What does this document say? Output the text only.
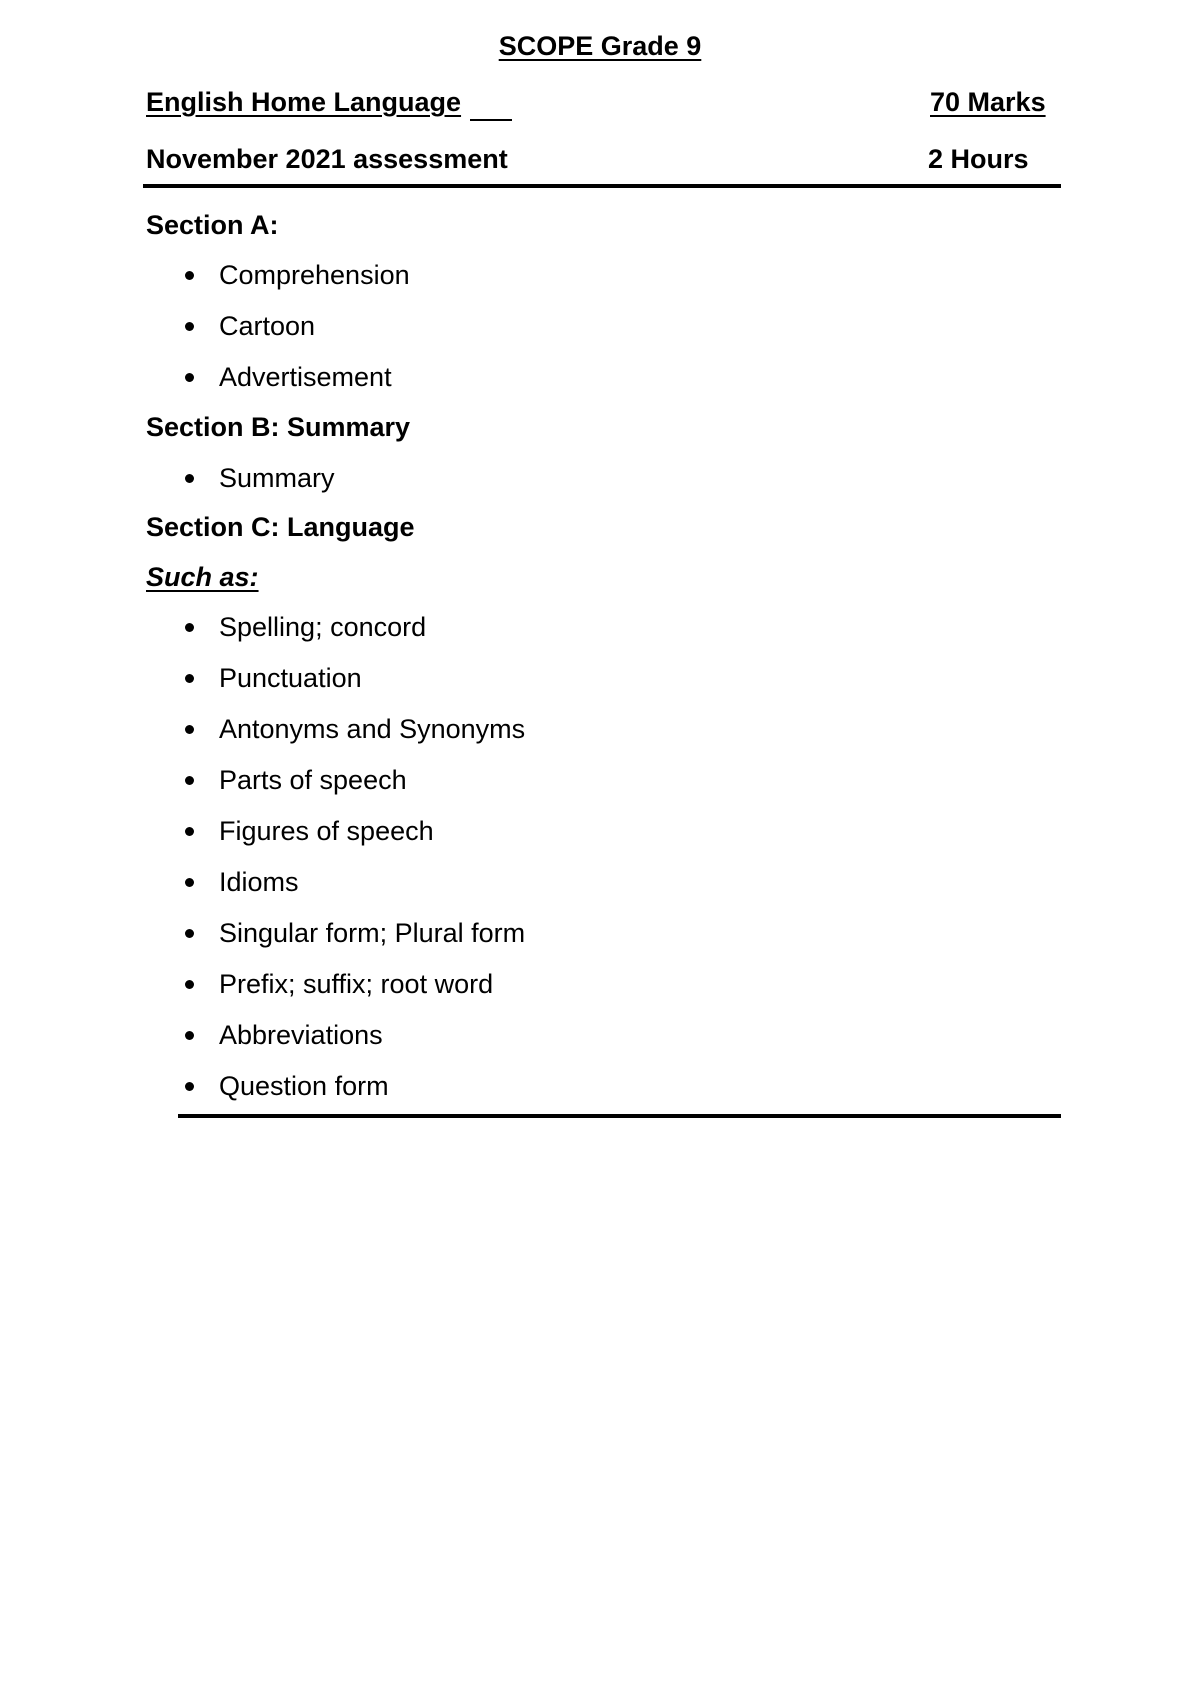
SCOPE Grade 9
English Home Language	70 Marks
November 2021 assessment	2 Hours
Section A:
Comprehension
Cartoon
Advertisement
Section B: Summary
Summary
Section C: Language
Such as:
Spelling; concord
Punctuation
Antonyms and Synonyms
Parts of speech
Figures of speech
Idioms
Singular form; Plural form
Prefix; suffix; root word
Abbreviations
Question form
